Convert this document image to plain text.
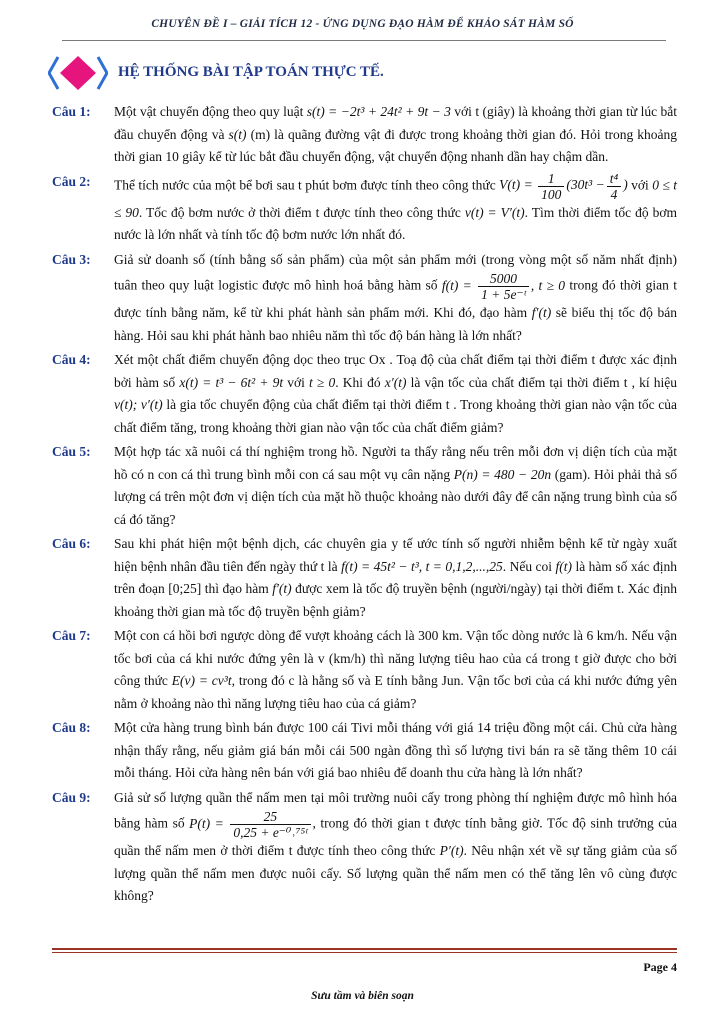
CHUYÊN ĐỀ I – GIẢI TÍCH 12 - ỨNG DỤNG ĐẠO HÀM ĐỂ KHẢO SÁT HÀM SỐ
HỆ THỐNG BÀI TẬP TOÁN THỰC TẾ.
Câu 1:	Một vật chuyển động theo quy luật s(t) = −2t³ + 24t² + 9t − 3 với t (giây) là khoảng thời gian từ lúc bắt đầu chuyển động và s(t) (m) là quãng đường vật đi được trong khoảng thời gian đó. Hỏi trong khoảng thời gian 10 giây kể từ lúc bắt đầu chuyển động, vật chuyển động nhanh dần hay chậm dần.
Câu 2:	Thể tích nước của một bể bơi sau t phút bơm được tính theo công thức $V(t) = \frac{1}{100} (30t^3 - \frac{\text{t⁴}}{4}$ ) với 0 ≤ t ≤ 90. Tốc độ bơm nước ở thời điểm t được tính theo công thức v(t) = V′(t). Tìm thời điểm tốc độ bơm nước là lớn nhất và tính tốc độ bơm nước lớn nhất đó.
Câu 3:	Giả sử doanh số (tính bằng số sản phẩm) của một sản phẩm mới (trong vòng một số năm nhất định) tuân theo quy luật logistic được mô hình hoá bằng hàm số $f(t) = \frac{5000}{\text{1 + 5e⁻ᵗ}}$ , t ≥ 0 trong đó thời gian t được tính bằng năm, kể từ khi phát hành sản phẩm mới. Khi đó, đạo hàm f′(t) sẽ biểu thị tốc độ bán hàng. Hỏi sau khi phát hành bao nhiêu năm thì tốc độ bán hàng là lớn nhất?
Câu 4:	Xét một chất điểm chuyển động dọc theo trục Ox . Toạ độ của chất điểm tại thời điểm t được xác định bởi hàm số x(t) = t³ − 6t² + 9t với t ≥ 0. Khi đó x′(t) là vận tốc của chất điểm tại thời điểm t , kí hiệu v(t); v′(t) là gia tốc chuyển động của chất điểm tại thời điểm t . Trong khoảng thời gian nào vận tốc của chất điểm tăng, trong khoảng thời gian nào vận tốc của chất điểm giảm?
Câu 5:	Một hợp tác xã nuôi cá thí nghiệm trong hồ. Người ta thấy rằng nếu trên mỗi đơn vị diện tích của mặt hồ có n con cá thì trung bình mỗi con cá sau một vụ cân nặng P(n) = 480 − 20n (gam). Hỏi phải thả số lượng cá trên một đơn vị diện tích của mặt hồ thuộc khoảng nào dưới đây để cân nặng trung bình của số cá đó tăng?
Câu 6:	Sau khi phát hiện một bệnh dịch, các chuyên gia y tế ước tính số người nhiễm bệnh kể từ ngày xuất hiện bệnh nhân đầu tiên đến ngày thứ t là f(t) = 45t² − t³, t = 0,1,2,...,25. Nếu coi f(t) là hàm số xác định trên đoạn [0;25] thì đạo hàm f′(t) được xem là tốc độ truyền bệnh (người/ngày) tại thời điểm t. Xác định khoảng thời gian mà tốc độ truyền bệnh giảm?
Câu 7:	Một con cá hồi bơi ngược dòng để vượt khoảng cách là 300 km. Vận tốc dòng nước là 6 km/h. Nếu vận tốc bơi của cá khi nước đứng yên là v (km/h) thì năng lượng tiêu hao của cá trong t giờ được cho bởi công thức E(v) = cv³t, trong đó c là hằng số và E tính bằng Jun. Vận tốc bơi của cá khi nước đứng yên nằm ở khoảng nào thì năng lượng tiêu hao của cá giảm?
Câu 8:	Một cửa hàng trung bình bán được 100 cái Tivi mỗi tháng với giá 14 triệu đồng một cái. Chủ cửa hàng nhận thấy rằng, nếu giảm giá bán mỗi cái 500 ngàn đồng thì số lượng tivi bán ra sẽ tăng thêm 10 cái mỗi tháng. Hỏi cửa hàng nên bán với giá bao nhiêu để doanh thu cửa hàng là lớn nhất?
Câu 9:	Giả sử số lượng quần thể nấm men tại môi trường nuôi cấy trong phòng thí nghiệm được mô hình hóa bằng hàm số $P(t) = \frac{25}{\text{0,25 + e⁻⁰˒⁷⁵ᵗ}}$ , trong đó thời gian t được tính bằng giờ. Tốc độ sinh trưởng của quần thể nấm men ở thời điểm t được tính theo công thức P′(t). Nêu nhận xét về sự tăng giảm của số lượng quần thể nấm men được nuôi cấy. Số lượng quần thể nấm men có thể tăng lên vô cùng được không?
Page 4
Sưu tầm và biên soạn
